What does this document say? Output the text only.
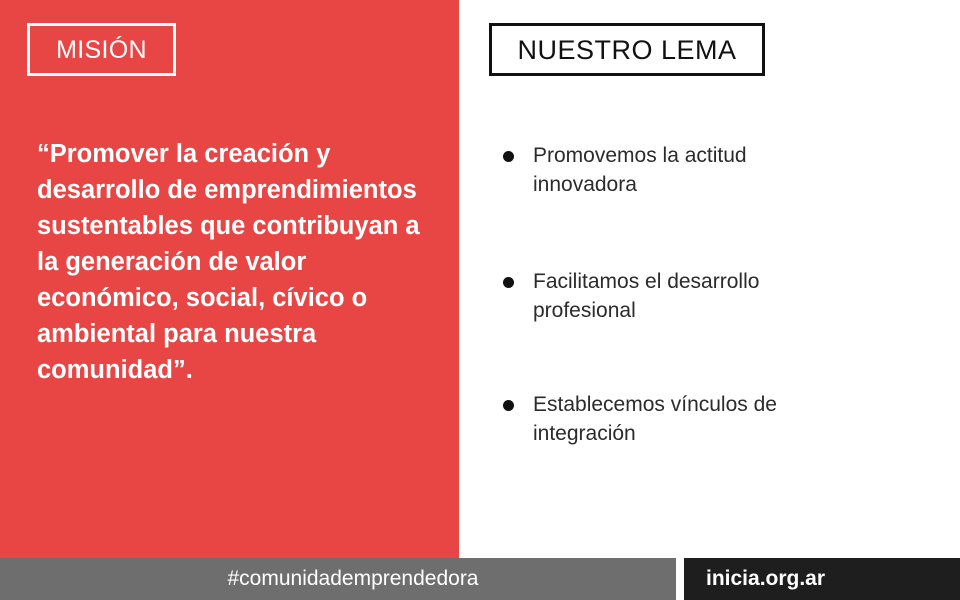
MISIÓN

“Promover la creación y desarrollo de emprendimientos sustentables que contribuyan a la generación de valor económico, social, cívico o ambiental para nuestra comunidad”.

NUESTRO LEMA
Promovemos la actitud innovadora
Facilitamos el desarrollo profesional
Establecemos vínculos de integración
#comunidademprendedora	inicia.org.ar
